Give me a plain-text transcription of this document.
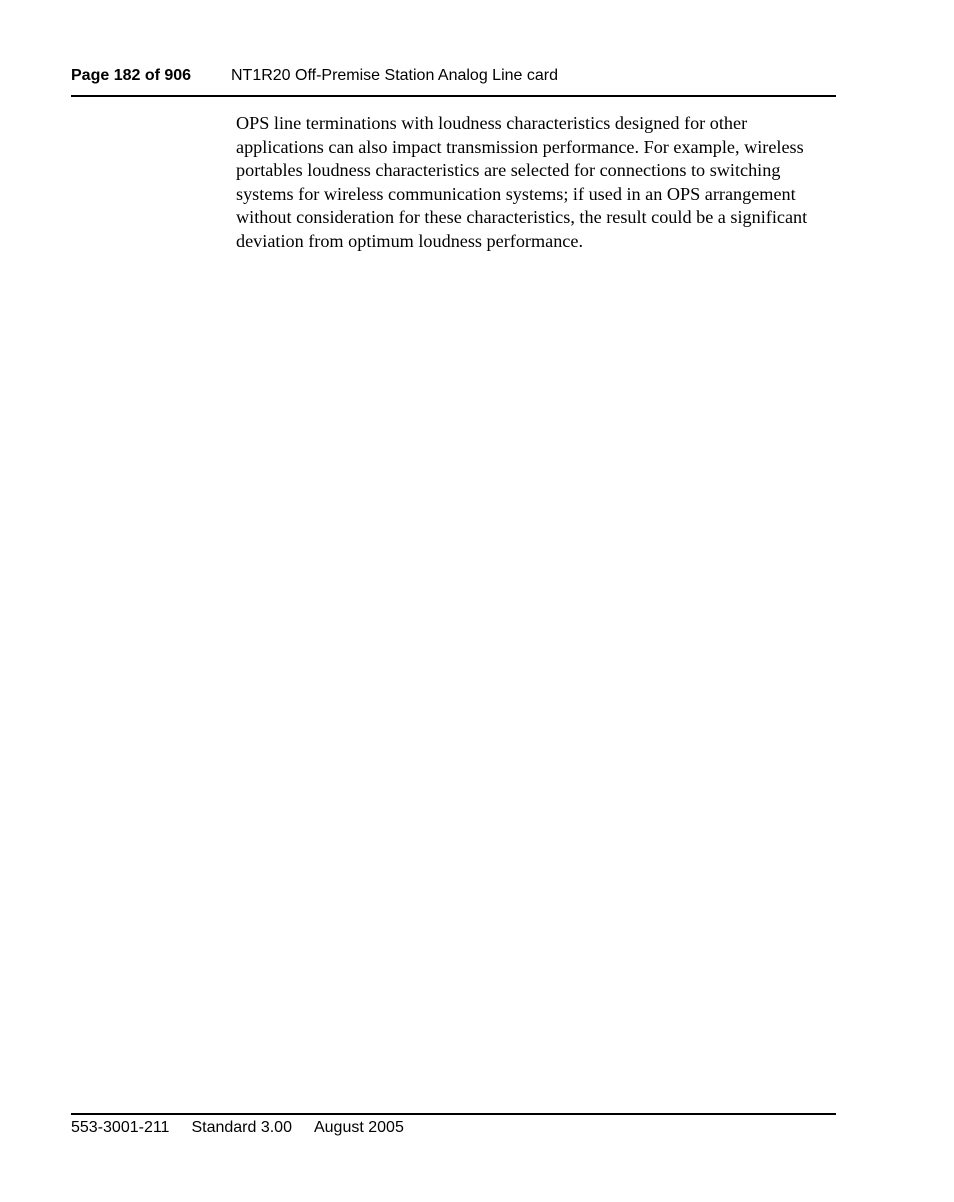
Page 182 of 906 NT1R20 Off-Premise Station Analog Line card

OPS line terminations with loudness characteristics designed for other applications can also impact transmission performance. For example, wireless portables loudness characteristics are selected for connections to switching systems for wireless communication systems; if used in an OPS arrangement without consideration for these characteristics, the result could be a significant deviation from optimum loudness performance.

553-3001-211 Standard 3.00 August 2005
